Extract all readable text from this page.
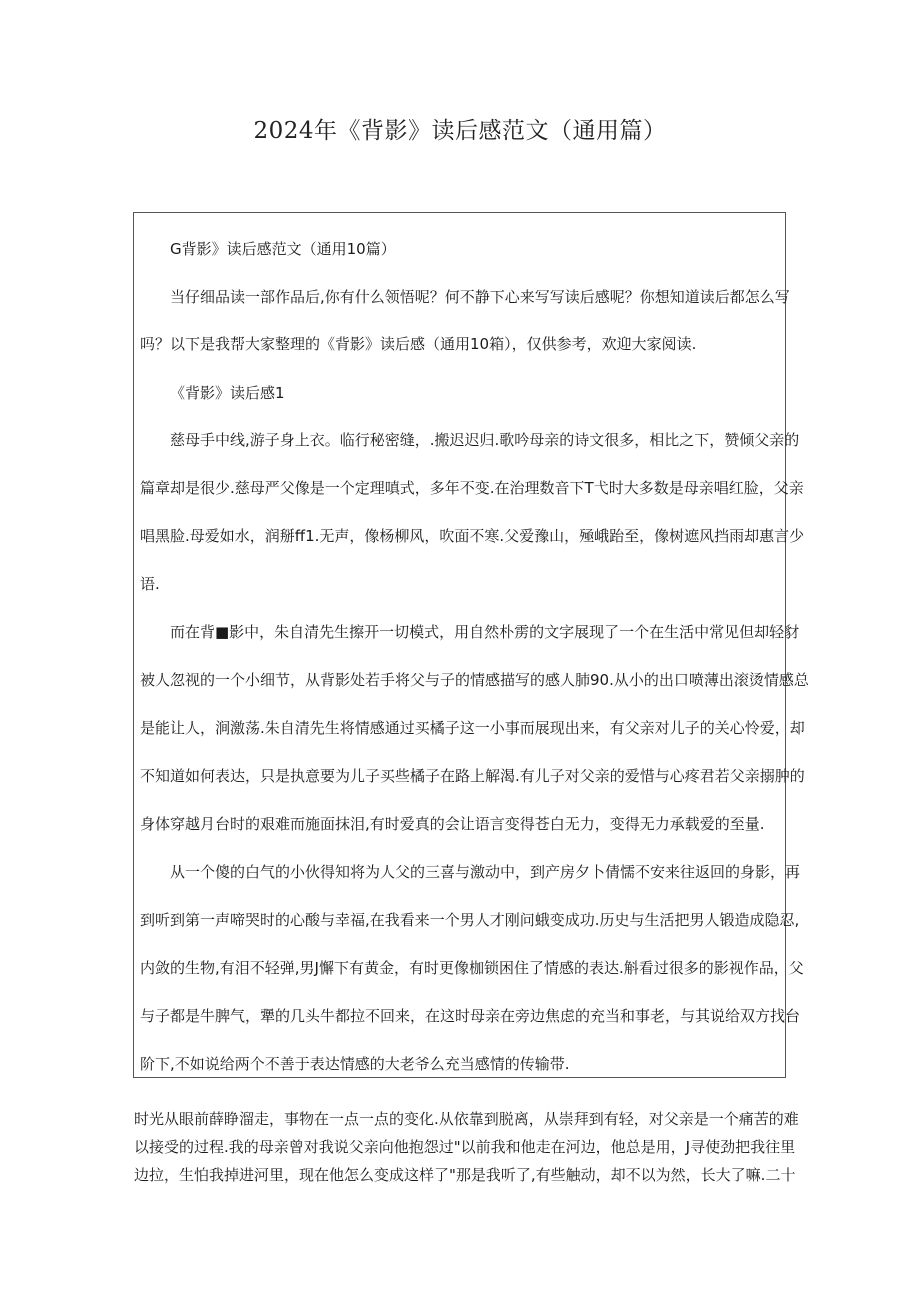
2024年《背影》读后感范文（通用篇）
G背影》读后感范文（通用10篇）
当仔细品读一部作品后,你有什么领悟呢？何不静下心来写写读后感呢？你想知道读后都怎么写
吗？以下是我帮大家整理的《背影》读后感（通用10箱），仅供参考，欢迎大家阅读.
《背影》读后感1
慈母手中线,游子身上衣。临行秘密缝，.搬迟迟归.歌吟母亲的诗文很多，相比之下，赞倾父亲的
篇章却是很少.慈母严父像是一个定理嗔式，多年不变.在治理数音下T弋时大多数是母亲唱红脸，父亲
唱黑脸.母爱如水，润掰ff1.无声，像杨柳风，吹面不寒.父爱豫山，殛峨跆至，像树遮风挡雨却惠言少
语.
而在背■影中，朱自清先生擦开一切模式，用自然朴雳的文字展现了一个在生活中常见但却轻豺
被人忽视的一个小细节，从背影处若手将父与子的情感描写的感人肺90.从小的出口喷薄出滚烫情感总
是能让人，涧激荡.朱自清先生将情感通过买橘子这一小事而展现出来，有父亲对儿子的关心怜爱，却
不知道如何表达，只是执意要为儿子买些橘子在路上解渴.有儿子对父亲的爱惜与心疼君若父亲搦肿的
身体穿越月台时的艰难而施面抹泪,有时爱真的会让语言变得苍白无力，变得无力承载爱的至量.
从一个傻的白气的小伙得知将为人父的三喜与激动中，到产房夕卜倩懦不安来往返回的身影，再
到听到第一声啼哭时的心酸与幸福,在我看来一个男人才刚问蛾变成功.历史与生活把男人锻造成隐忍,
内敛的生物,有泪不轻弹,男J懈下有黄金，有时更像枷锁困住了情感的表达.斛看过很多的影视作品，父
与子都是牛脾气，犟的几头牛都拉不回来，在这时母亲在旁边焦虑的充当和事老，与其说给双方找台
阶下,不如说给两个不善于表达情感的大老爷么充当感情的传输带.
时光从眼前薛睁溜走，事物在一点一点的变化.从依靠到脱离，从崇拜到有轻，对父亲是一个痛苦的难
以接受的过程.我的母亲曾对我说父亲向他抱怨过"以前我和他走在河边，他总是用，J寻使劲把我往里
边拉，生怕我掉进河里，现在他怎么变成这样了"那是我听了,有些触动，却不以为然，长大了嘛.二十
